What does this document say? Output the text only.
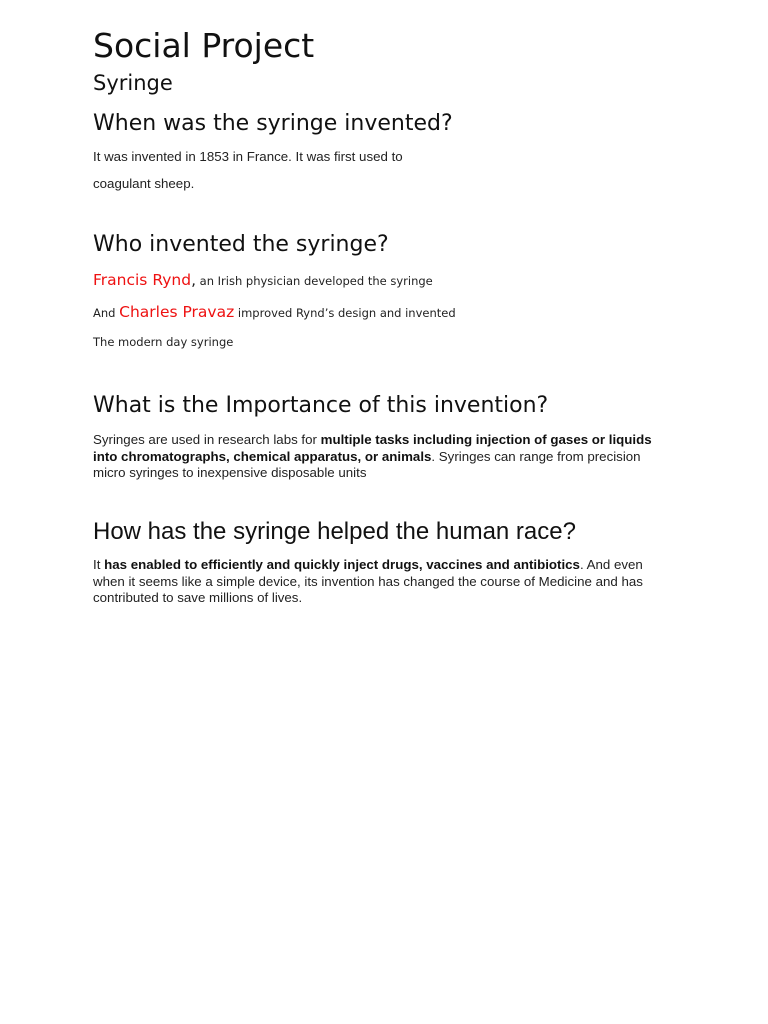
Social Project
Syringe
When was the syringe invented?

It was invented in 1853 in France. It was first used to
coagulant sheep.

Who invented the syringe?

Francis Rynd, an Irish physician developed the syringe

And Charles Pravaz improved Rynd’s design and invented

The modern day syringe

What is the Importance of this invention?

Syringes are used in research labs for multiple tasks including injection of gases or liquids into chromatographs, chemical apparatus, or animals. Syringes can range from precision micro syringes to inexpensive disposable units

How has the syringe helped the human race?

It has enabled to efficiently and quickly inject drugs, vaccines and antibiotics. And even when it seems like a simple device, its invention has changed the course of Medicine and has contributed to save millions of lives.
